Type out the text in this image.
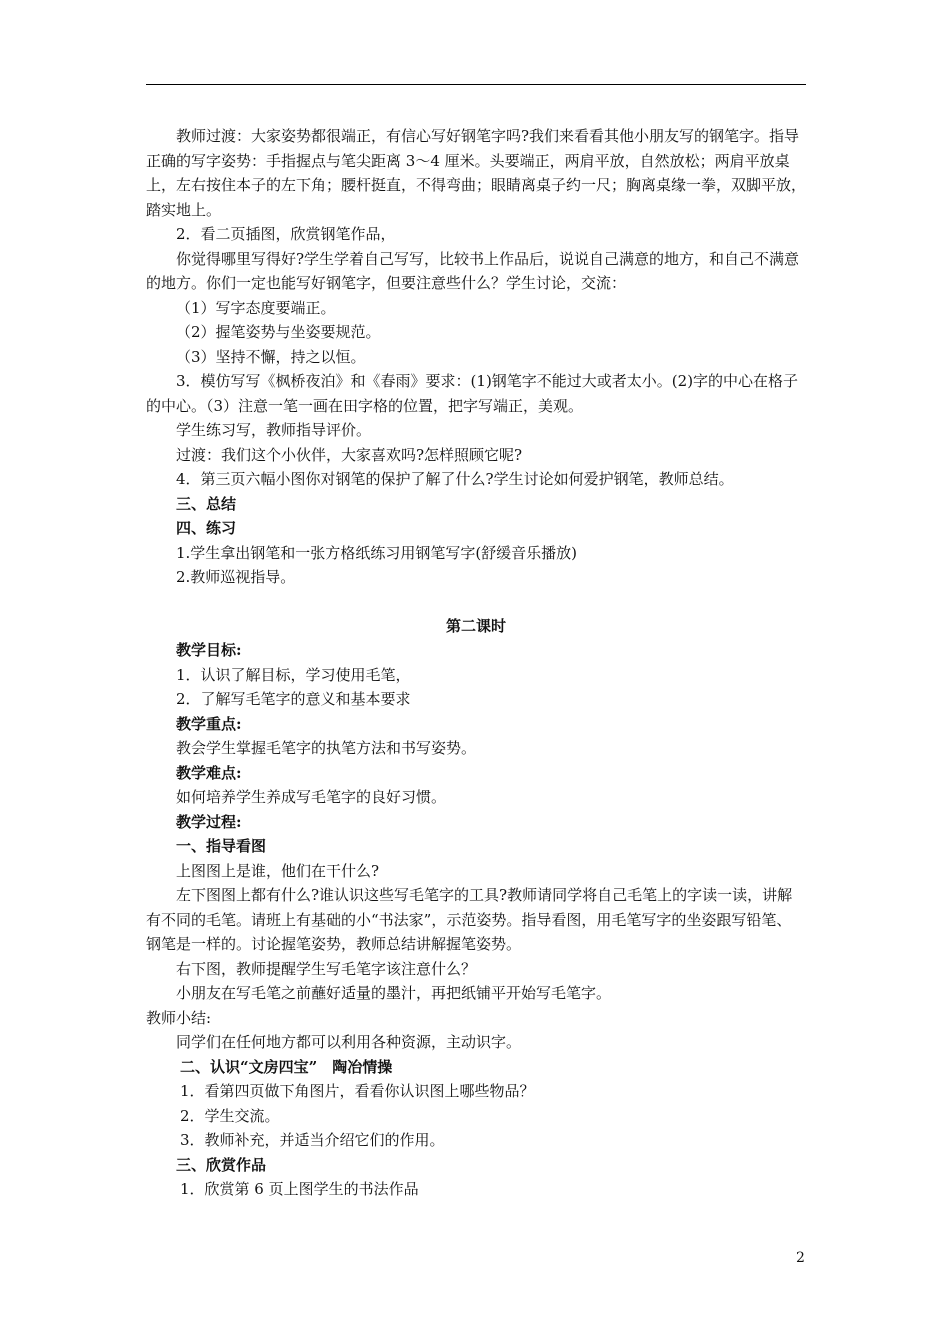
教师过渡：大家姿势都很端正，有信心写好钢笔字吗?我们来看看其他小朋友写的钢笔字。指导正确的写字姿势：手指握点与笔尖距离 3～4 厘米。头要端正，两肩平放，自然放松；两肩平放桌上，左右按住本子的左下角；腰杆挺直，不得弯曲；眼睛离桌子约一尺；胸离桌缘一拳，双脚平放，踏实地上。

2．看二页插图，欣赏钢笔作品，

你觉得哪里写得好?学生学着自己写写，比较书上作品后，说说自己满意的地方，和自己不满意的地方。你们一定也能写好钢笔字，但要注意些什么？学生讨论，交流：

（1）写字态度要端正。

（2）握笔姿势与坐姿要规范。

（3）坚持不懈，持之以恒。

3．模仿写写《枫桥夜泊》和《春雨》要求：(1)钢笔字不能过大或者太小。(2)字的中心在格子的中心。（3）注意一笔一画在田字格的位置，把字写端正，美观。

学生练习写，教师指导评价。

过渡：我们这个小伙伴，大家喜欢吗?怎样照顾它呢?

4．第三页六幅小图你对钢笔的保护了解了什么?学生讨论如何爱护钢笔，教师总结。

三、总结

四、练习

1.学生拿出钢笔和一张方格纸练习用钢笔写字(舒缓音乐播放)

2.教师巡视指导。

第二课时

教学目标:

1．认识了解目标，学习使用毛笔，

2．了解写毛笔字的意义和基本要求

教学重点:

教会学生掌握毛笔字的执笔方法和书写姿势。

教学难点:

如何培养学生养成写毛笔字的良好习惯。

教学过程:

一、指导看图

上图图上是谁，他们在干什么?

左下图图上都有什么?谁认识这些写毛笔字的工具?教师请同学将自己毛笔上的字读一读，讲解有不同的毛笔。请班上有基础的小“书法家”，示范姿势。指导看图，用毛笔写字的坐姿跟写铅笔、钢笔是一样的。讨论握笔姿势，教师总结讲解握笔姿势。

右下图，教师提醒学生写毛笔字该注意什么？

小朋友在写毛笔之前蘸好适量的墨汁，再把纸铺平开始写毛笔字。

教师小结:

同学们在任何地方都可以利用各种资源，主动识字。

二、认识“文房四宝”　陶冶情操

1．看第四页做下角图片，看看你认识图上哪些物品？

2．学生交流。

3．教师补充，并适当介绍它们的作用。

三、欣赏作品

1．欣赏第 6 页上图学生的书法作品

2
